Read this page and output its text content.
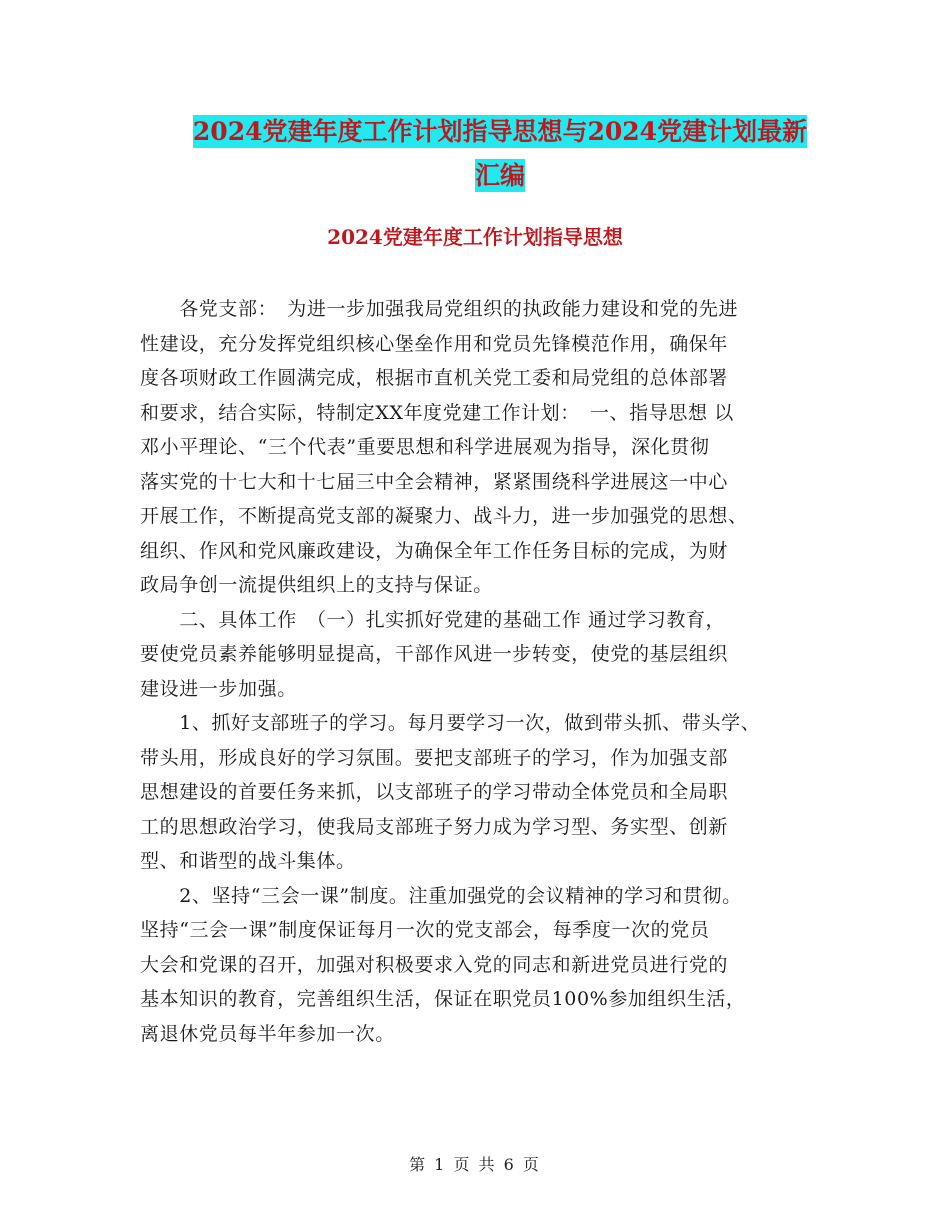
2024党建年度工作计划指导思想与2024党建计划最新
汇编
2024党建年度工作计划指导思想

　　各党支部：　为进一步加强我局党组织的执政能力建设和党的先进
性建设，充分发挥党组织核心堡垒作用和党员先锋模范作用，确保年
度各项财政工作圆满完成，根据市直机关党工委和局党组的总体部署
和要求，结合实际，特制定XX年度党建工作计划：　一、指导思想 以
邓小平理论、“三个代表”重要思想和科学进展观为指导，深化贯彻
落实党的十七大和十七届三中全会精神，紧紧围绕科学进展这一中心
开展工作，不断提高党支部的凝聚力、战斗力，进一步加强党的思想、
组织、作风和党风廉政建设，为确保全年工作任务目标的完成，为财
政局争创一流提供组织上的支持与保证。

　　二、具体工作　（一）扎实抓好党建的基础工作 通过学习教育，
要使党员素养能够明显提高，干部作风进一步转变，使党的基层组织
建设进一步加强。

　　1、抓好支部班子的学习。每月要学习一次，做到带头抓、带头学、
带头用，形成良好的学习氛围。要把支部班子的学习，作为加强支部
思想建设的首要任务来抓，以支部班子的学习带动全体党员和全局职
工的思想政治学习，使我局支部班子努力成为学习型、务实型、创新
型、和谐型的战斗集体。

　　2、坚持“三会一课”制度。注重加强党的会议精神的学习和贯彻。
坚持“三会一课”制度保证每月一次的党支部会，每季度一次的党员
大会和党课的召开，加强对积极要求入党的同志和新进党员进行党的
基本知识的教育，完善组织生活，保证在职党员100%参加组织生活，
离退休党员每半年参加一次。

第 1 页 共 6 页
